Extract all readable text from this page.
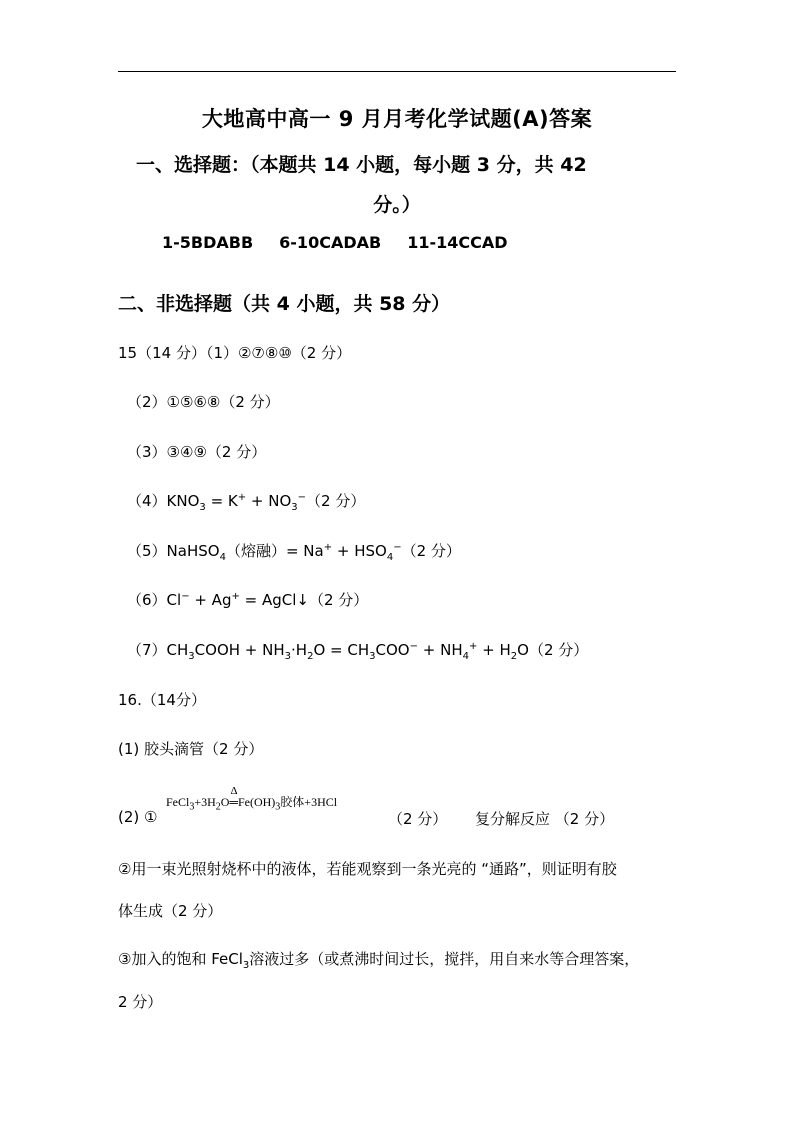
大地高中高一 9 月月考化学试题(A)答案
一、选择题：（本题共 14 小题，每小题 3 分，共 42
分。）
1-5BDABB 6-10CADAB 11-14CCAD
二、非选择题（共 4 小题，共 58 分）
15（14 分）（1）②⑦⑧⑩（2 分）
（2）①⑤⑥⑧（2 分）
（3）③④⑨（2 分）
$(4)KNO_3 = K^+ + NO_3^-(2$ 分）
（5）NaHSO$_4$（熔融）= $Na^+ + HSO_4^-(2$ 分）
（6）Cl− + Ag+ = AgCl↓（2 分）
$(7)CH_3COOH + NH_3\cdot H_2O = CH_3COO^- + NH_4^+ + H_2O(2$ 分）
16.（14分）
(1) 胶头滴管（2 分）
(2) ①
$FeCl_3+3H_2O$
Δ
$═Fe(OH)_3$胶体+3HCl
（2 分） 复分解反应 （2 分）
②用一束光照射烧杯中的液体，若能观察到一条光亮的 “通路”，则证明有胶
体生成（2 分）
③加入的饱和 FeCl$_3$溶液过多（或煮沸时间过长，搅拌，用自来水等合理答案，
2 分）
